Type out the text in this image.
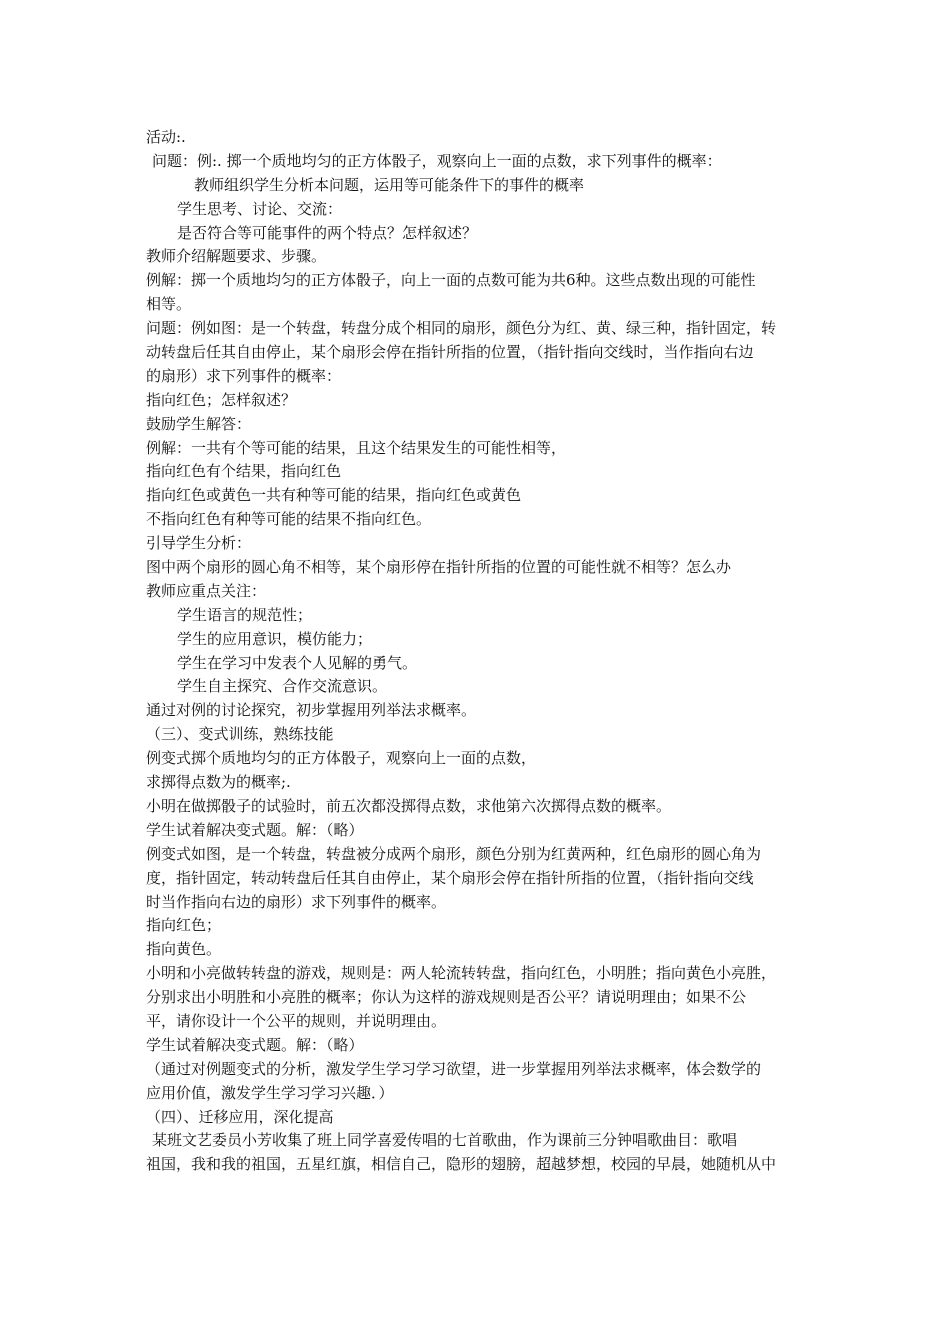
活动:.
问题：例:. 掷一个质地均匀的正方体骰子，观察向上一面的点数，求下列事件的概率：
教师组织学生分析本问题，运用等可能条件下的事件的概率
学生思考、讨论、交流：
是否符合等可能事件的两个特点？怎样叙述？
教师介绍解题要求、步骤。
例解：掷一个质地均匀的正方体骰子，向上一面的点数可能为共6种。这些点数出现的可能性
相等。
问题：例如图：是一个转盘，转盘分成个相同的扇形，颜色分为红、黄、绿三种，指针固定，转
动转盘后任其自由停止，某个扇形会停在指针所指的位置，（指针指向交线时，当作指向右边
的扇形）求下列事件的概率：
指向红色；怎样叙述？
鼓励学生解答：
例解：一共有个等可能的结果，且这个结果发生的可能性相等，
指向红色有个结果，指向红色
指向红色或黄色一共有种等可能的结果，指向红色或黄色
不指向红色有种等可能的结果不指向红色。
引导学生分析：
图中两个扇形的圆心角不相等，某个扇形停在指针所指的位置的可能性就不相等？怎么办
教师应重点关注：
学生语言的规范性；
学生的应用意识，模仿能力；
学生在学习中发表个人见解的勇气。
学生自主探究、合作交流意识。
通过对例的讨论探究，初步掌握用列举法求概率。
（三）、变式训练，熟练技能
例变式掷个质地均匀的正方体骰子，观察向上一面的点数，
求掷得点数为的概率;.
小明在做掷骰子的试验时，前五次都没掷得点数，求他第六次掷得点数的概率。
学生试着解决变式题。解：（略）
例变式如图，是一个转盘，转盘被分成两个扇形，颜色分别为红黄两种，红色扇形的圆心角为
度，指针固定，转动转盘后任其自由停止，某个扇形会停在指针所指的位置，（指针指向交线
时当作指向右边的扇形）求下列事件的概率。
指向红色；
指向黄色。
小明和小亮做转转盘的游戏，规则是：两人轮流转转盘，指向红色，小明胜；指向黄色小亮胜，
分别求出小明胜和小亮胜的概率；你认为这样的游戏规则是否公平？请说明理由；如果不公
平，请你设计一个公平的规则，并说明理由。
学生试着解决变式题。解：（略）
（通过对例题变式的分析，激发学生学习学习欲望，进一步掌握用列举法求概率，体会数学的
应用价值，激发学生学习学习兴趣．）
（四）、迁移应用，深化提高
某班文艺委员小芳收集了班上同学喜爱传唱的七首歌曲，作为课前三分钟唱歌曲目：歌唱
祖国，我和我的祖国，五星红旗，相信自己，隐形的翅膀，超越梦想，校园的早晨，她随机从中
